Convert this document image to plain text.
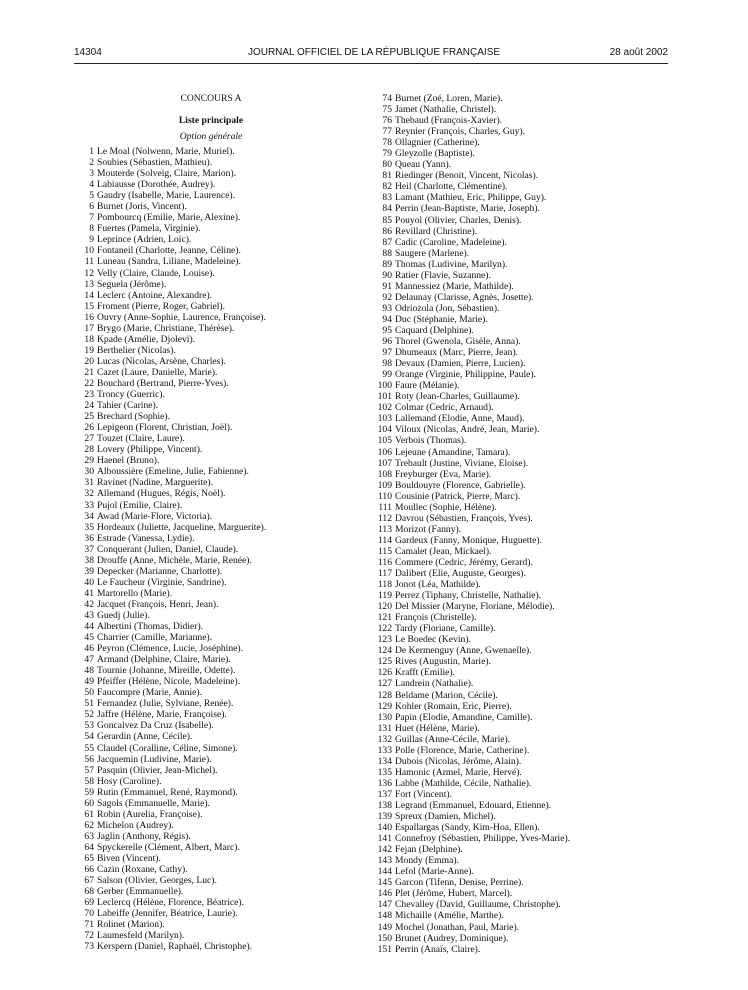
14304	JOURNAL OFFICIEL DE LA RÉPUBLIQUE FRANÇAISE	28 août 2002
CONCOURS A
Liste principale
Option générale
1 Le Moal (Nolwenn, Marie, Muriel).
2 Soubies (Sébastien, Mathieu).
3 Mouterde (Solveig, Claire, Marion).
4 Labiausse (Dorothée, Audrey).
5 Gaudry (Isabelle, Marie, Laurence).
6 Burnet (Joris, Vincent).
7 Pombourcq (Emilie, Marie, Alexine).
8 Fuertes (Pamela, Virginie).
9 Leprince (Adrien, Loïc).
10 Fontaneil (Charlotte, Jeanne, Céline).
11 Luneau (Sandra, Liliane, Madeleine).
12 Velly (Claire, Claude, Louise).
13 Seguela (Jérôme).
14 Leclerc (Antoine, Alexandre).
15 Froment (Pierre, Roger, Gabriel).
16 Ouvry (Anne-Sophie, Laurence, Françoise).
17 Brygo (Marie, Christiane, Thérèse).
18 Kpade (Amélie, Djolevi).
19 Berthelier (Nicolas).
20 Lucas (Nicolas, Arsène, Charles).
21 Cazet (Laure, Danielle, Marie).
22 Bouchard (Bertrand, Pierre-Yves).
23 Troncy (Guerric).
24 Tahier (Carine).
25 Brechard (Sophie).
26 Lepigeon (Florent, Christian, Joël).
27 Touzet (Claire, Laure).
28 Lovery (Philippe, Vincent).
29 Haenel (Bruno).
30 Alboussière (Emeline, Julie, Fabienne).
31 Ravinet (Nadine, Marguerite).
32 Allemand (Hugues, Régis, Noël).
33 Pujol (Emilie, Claire).
34 Awad (Marie-Flore, Victoria).
35 Hordeaux (Juliette, Jacqueline, Marguerite).
36 Estrade (Vanessa, Lydie).
37 Conquerant (Julien, Daniel, Claude).
38 Drouffe (Anne, Michèle, Marie, Renée).
39 Depecker (Marianne, Charlotte).
40 Le Faucheur (Virginie, Sandrine).
41 Martorello (Marie).
42 Jacquet (François, Henri, Jean).
43 Guedj (Julie).
44 Albertini (Thomas, Didier).
45 Charrier (Camille, Marianne).
46 Peyron (Clémence, Lucie, Joséphine).
47 Armand (Delphine, Claire, Marie).
48 Tournie (Johanne, Mireille, Odette).
49 Pfeiffer (Hélène, Nicole, Madeleine).
50 Faucompre (Marie, Annie).
51 Fernandez (Julie, Sylviane, Renée).
52 Jaffre (Hélène, Marie, Françoise).
53 Goncalvez Da Cruz (Isabelle).
54 Gerardin (Anne, Cécile).
55 Claudel (Coralline, Céline, Simone).
56 Jacquemin (Ludivine, Marie).
57 Pasquin (Olivier, Jean-Michel).
58 Hosy (Caroline).
59 Rutin (Emmanuel, René, Raymond).
60 Sagols (Emmanuelle, Marie).
61 Robin (Aurelia, Françoise).
62 Michelon (Audrey).
63 Jaglin (Anthony, Régis).
64 Spyckerelle (Clément, Albert, Marc).
65 Biven (Vincent).
66 Cazin (Roxane, Cathy).
67 Salson (Olivier, Georges, Luc).
68 Gerber (Emmanuelle).
69 Leclercq (Hélène, Florence, Béatrice).
70 Labeiffe (Jennifer, Béatrice, Laurie).
71 Rolinet (Marion).
72 Laumesfeld (Marilyn).
73 Kerspern (Daniel, Raphaël, Christophe).
74 Burnet (Zoé, Loren, Marie).
75 Jamet (Nathalie, Christel).
76 Thebaud (François-Xavier).
77 Reynier (François, Charles, Guy).
78 Ollagnier (Catherine).
79 Gleyzolle (Baptiste).
80 Queau (Yann).
81 Riedinger (Benoit, Vincent, Nicolas).
82 Heil (Charlotte, Clémentine).
83 Lamant (Mathieu, Eric, Philippe, Guy).
84 Perrin (Jean-Baptiste, Marie, Joseph).
85 Pouyol (Olivier, Charles, Denis).
86 Revillard (Christine).
87 Cadic (Caroline, Madeleine).
88 Saugere (Marlene).
89 Thomas (Ludivine, Marilyn).
90 Ratier (Flavie, Suzanne).
91 Mannessiez (Marie, Mathilde).
92 Delaunay (Clarisse, Agnès, Josette).
93 Odriozola (Jon, Sébastien).
94 Duc (Stéphanie, Marie).
95 Caquard (Delphine).
96 Thorel (Gwenola, Gisèle, Anna).
97 Dhumeaux (Marc, Pierre, Jean).
98 Devaux (Damien, Pierre, Lucien).
99 Orange (Virginie, Philippine, Paule).
100 Faure (Mélanie).
101 Roty (Jean-Charles, Guillaume).
102 Colmar (Cedric, Arnaud).
103 Lallemand (Elodie, Anne, Maud).
104 Viloux (Nicolas, André, Jean, Marie).
105 Verbois (Thomas).
106 Lejeune (Amandine, Tamara).
107 Trebault (Justine, Viviane, Eloise).
108 Freyburger (Eva, Marie).
109 Bouldouyre (Florence, Gabrielle).
110 Cousinie (Patrick, Pierre, Marc).
111 Moullec (Sophie, Hélène).
112 Davrou (Sébastien, François, Yves).
113 Morizot (Fanny).
114 Gardeux (Fanny, Monique, Huguette).
115 Camalet (Jean, Mickael).
116 Commere (Cedric, Jérémy, Gerard).
117 Dalibert (Elie, Auguste, Georges).
118 Jonot (Léa, Mathilde).
119 Perrez (Tiphany, Christelle, Nathalie).
120 Del Missier (Maryne, Floriane, Mélodie).
121 François (Christelle).
122 Tardy (Floriane, Camille).
123 Le Boedec (Kevin).
124 De Kermenguy (Anne, Gwenaelle).
125 Rives (Augustin, Marie).
126 Krafft (Emilie).
127 Landrein (Nathalie).
128 Beldame (Marion, Cécile).
129 Kohler (Romain, Eric, Pierre).
130 Papin (Elodie, Amandine, Camille).
131 Huet (Hélène, Marie).
132 Guillas (Anne-Cécile, Marie).
133 Polle (Florence, Marie, Catherine).
134 Dubois (Nicolas, Jérôme, Alain).
135 Hamonic (Armel, Marie, Hervé).
136 Labbe (Mathilde, Cécile, Nathalie).
137 Fort (Vincent).
138 Legrand (Emmanuel, Edouard, Etienne).
139 Spreux (Damien, Michel).
140 Espallargas (Sandy, Kim-Hoa, Ellen).
141 Connefroy (Sébastien, Philippe, Yves-Marie).
142 Fejan (Delphine).
143 Mondy (Emma).
144 Lefol (Marie-Anne).
145 Garcon (Tifenn, Denise, Perrine).
146 Plet (Jérôme, Hubert, Marcel).
147 Chevalley (David, Guillaume, Christophe).
148 Michaille (Amélie, Marthe).
149 Mochel (Jonathan, Paul, Marie).
150 Brunet (Audrey, Dominique).
151 Perrin (Anaïs, Claire).
